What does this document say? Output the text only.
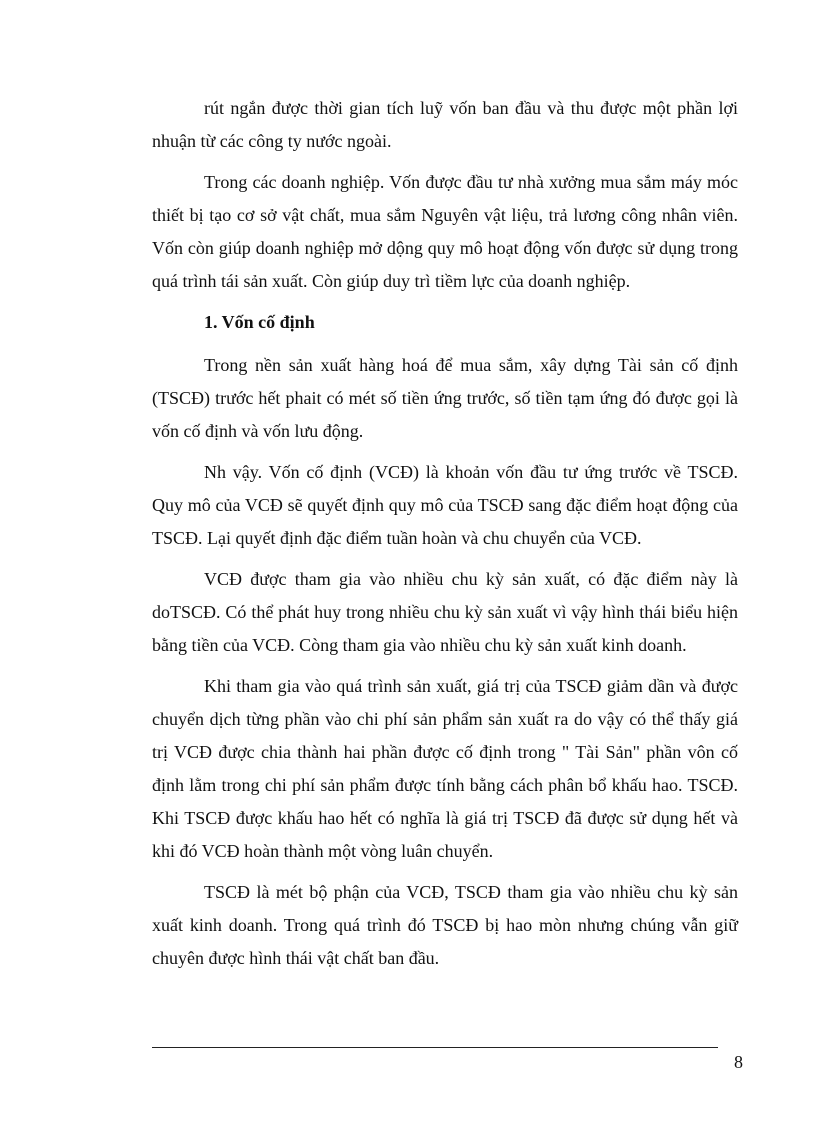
rút ngắn được thời gian tích luỹ vốn ban đầu và thu được một phần lợi nhuận từ các công ty nước ngoài.

Trong các doanh nghiệp. Vốn được đầu tư nhà xưởng mua sắm máy móc thiết bị tạo cơ sở vật chất, mua sắm Nguyên vật liệu, trả lương công nhân viên. Vốn còn giúp doanh nghiệp mở dộng quy mô hoạt động vốn được sử dụng trong quá trình tái sản xuất. Còn giúp duy trì tiềm lực của doanh nghiệp.

1. Vốn cố định

Trong nền sản xuất hàng hoá để mua sắm, xây dựng Tài sản cố định (TSCĐ) trước hết phait có mét số tiền ứng trước, số tiền tạm ứng đó được gọi là vốn cố định và vốn lưu động.

Nh vậy. Vốn cố định (VCĐ) là khoản vốn đầu tư ứng trước về TSCĐ. Quy mô của VCĐ sẽ quyết định quy mô của TSCĐ sang đặc điểm hoạt động của TSCĐ. Lại quyết định đặc điểm tuần hoàn và chu chuyển của VCĐ.

VCĐ được tham gia vào nhiều chu kỳ sản xuất, có đặc điểm này là doTSCĐ. Có thể phát huy trong nhiều chu kỳ sản xuất vì vậy hình thái biểu hiện bằng tiền của VCĐ. Còng tham gia vào nhiều chu kỳ sản xuất kinh doanh.

Khi tham gia vào quá trình sản xuất, giá trị của TSCĐ giảm dần và được chuyển dịch từng phần vào chi phí sản phẩm sản xuất ra do vậy có thể thấy giá trị VCĐ được chia thành hai phần được cố định trong " Tài Sản" phần vôn cố định lằm trong chi phí sản phẩm được tính bằng cách phân bổ khấu hao. TSCĐ. Khi TSCĐ được khấu hao hết có nghĩa là giá trị TSCĐ đã được sử dụng hết và khi đó VCĐ hoàn thành một vòng luân chuyển.

TSCĐ là mét bộ phận của VCĐ, TSCĐ tham gia vào nhiều chu kỳ sản xuất kinh doanh. Trong quá trình đó TSCĐ bị hao mòn nhưng chúng vẫn giữ chuyên được hình thái vật chất ban đầu.

8
